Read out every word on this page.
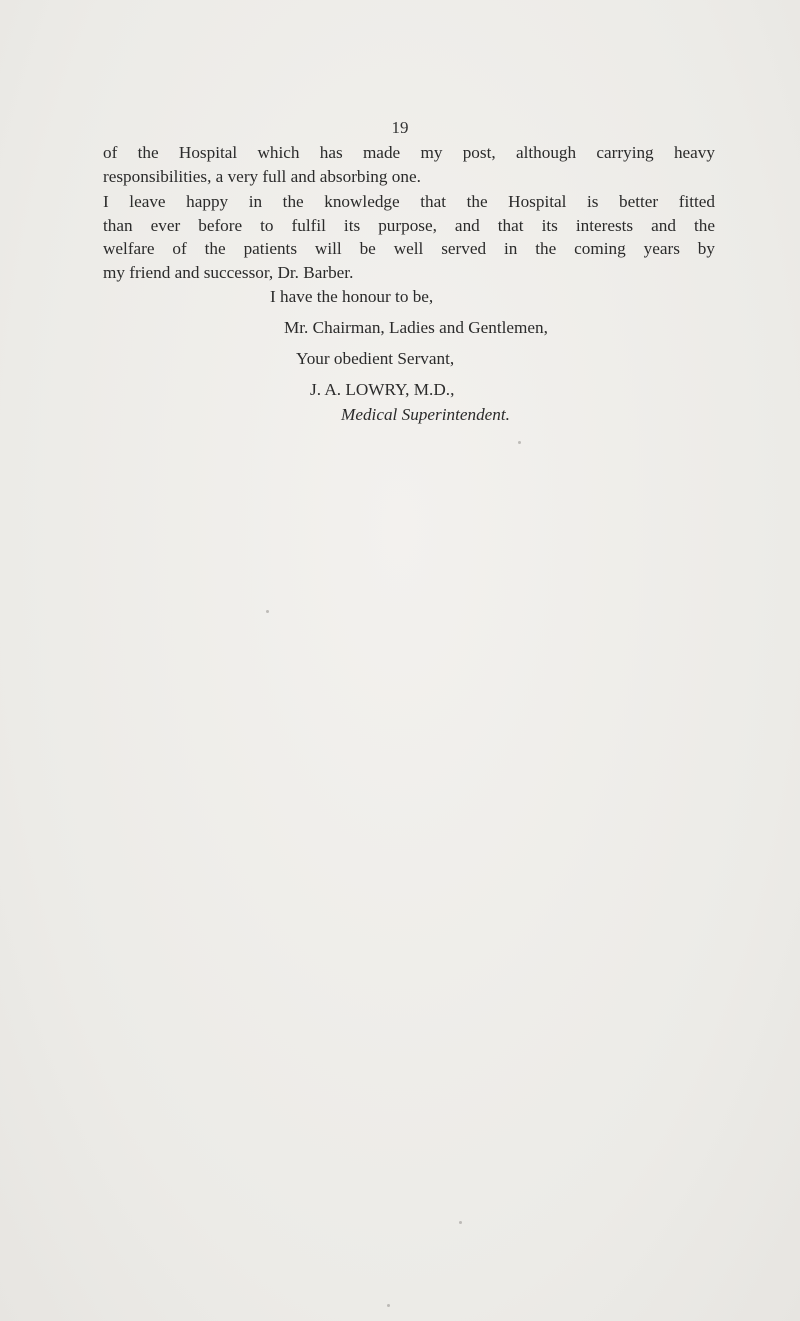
19
of the Hospital which has made my post, although carrying heavy
responsibilities, a very full and absorbing one.
I leave happy in the knowledge that the Hospital is better fitted
than ever before to fulfil its purpose, and that its interests and the
welfare of the patients will be well served in the coming years by
my friend and successor, Dr. Barber.
I have the honour to be,
Mr. Chairman, Ladies and Gentlemen,
Your obedient Servant,
J. A. LOWRY, M.D.,
Medical Superintendent.
